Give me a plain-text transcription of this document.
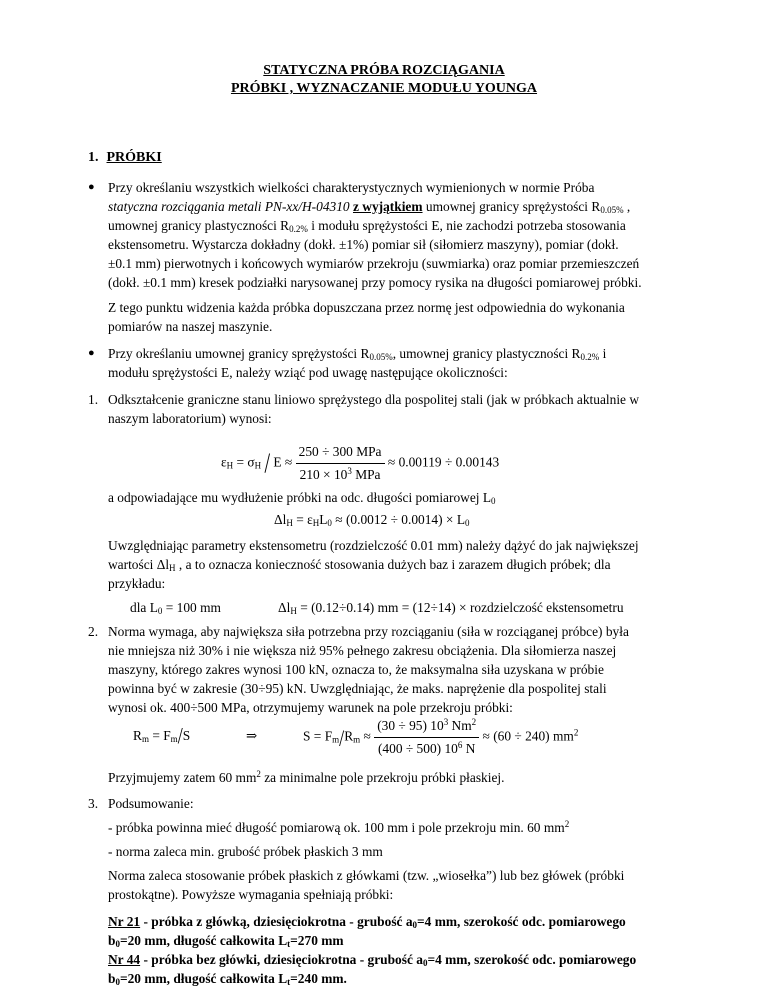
STATYCZNA PRÓBA ROZCIĄGANIA
PRÓBKI , WYZNACZANIE MODUŁU YOUNGA
1. PRÓBKI
● Przy określaniu wszystkich wielkości charakterystycznych wymienionych w normie Próba
statyczna rozciągania metali PN-xx/H-04310 z wyjątkiem umownej granicy sprężystości $R_{0.05\%}$ ,
umownej granicy plastyczności $R_{0.2\%}$ i modułu sprężystości E, nie zachodzi potrzeba stosowania
ekstensometru. Wystarcza dokładny (dokł. ±1%) pomiar sił (siłomierz maszyny), pomiar (dokł.
±0.1 mm) pierwotnych i końcowych wymiarów przekroju (suwmiarka) oraz pomiar przemieszczeń
(dokł. ±0.1 mm) kresek podziałki narysowanej przy pomocy rysika na długości pomiarowej próbki.
Z tego punktu widzenia każda próbka dopuszczana przez normę jest odpowiednia do wykonania
pomiarów na naszej maszynie.
● Przy określaniu umownej granicy sprężystości $R_{0.05\%}$, umownej granicy plastyczności $R_{0.2\%}$ i
modułu sprężystości E, należy wziąć pod uwagę następujące okoliczności:
1. Odkształcenie graniczne stanu liniowo sprężystego dla pospolitej stali (jak w próbkach aktualnie w
naszym laboratorium) wynosi:
$\varepsilon_H = \sigma_H / E \approx \frac{\text{250 ÷ 300 MPa}}{210 \times 10^3 MPa} \approx 0.00119 \div 0.00143$
a odpowiadające mu wydłużenie próbki na odc. długości pomiarowej $L_0$
$\Delta l_H = \varepsilon_HL_0 \approx (0.0012 \div 0.0014) \times L_0$
Uwzględniając parametry ekstensometru (rozdzielczość 0.01 mm) należy dążyć do jak największej
wartości $\Delta l_H$ , a to oznacza konieczność stosowania dużych baz i zarazem długich próbek; dla
przykładu:
dla $L_0 = 100$ mm	$\Delta l_H = (0.12\div 0.14)$ mm = (12÷14) × rozdzielczość ekstensometru
2. Norma wymaga, aby największa siła potrzebna przy rozciąganiu (siła w rozciąganej próbce) była
nie mniejsza niż 30% i nie większa niż 95% pełnego zakresu obciążenia. Dla siłomierza naszej
maszyny, którego zakres wynosi 100 kN, oznacza to, że maksymalna siła uzyskana w próbie
powinna być w zakresie (30÷95) kN. Uwzględniając, że maks. naprężenie dla pospolitej stali
wynosi ok. 400÷500 MPa, otrzymujemy warunek na pole przekroju próbki:
$R_m = F_m/S$	⇒	$S = F_m/R_m \approx \frac{(30 \div 95) 10^3 Nm^2}{(400 \div 500) 10^6 N} \approx (60 \div 240)$ $mm^2$
Przyjmujemy zatem 60 $mm^2$ za minimalne pole przekroju próbki płaskiej.
3. Podsumowanie:
- próbka powinna mieć długość pomiarową ok. 100 mm i pole przekroju min. 60 $mm^2$
- norma zaleca min. grubość próbek płaskich 3 mm
Norma zaleca stosowanie próbek płaskich z główkami (tzw. „wiosełka”) lub bez główek (próbki
prostokątne). Powyższe wymagania spełniają próbki:
Nr 21 - próbka z główką, dziesięciokrotna - grubość $a_0=4$ mm, szerokość odc. pomiarowego
$b_0=20$ mm, długość całkowita $L_t=270$ mm
Nr 44 - próbka bez główki, dziesięciokrotna - grubość $a_0=4$ mm, szerokość odc. pomiarowego
$b_0=20$ mm, długość całkowita $L_t=240$ mm.
